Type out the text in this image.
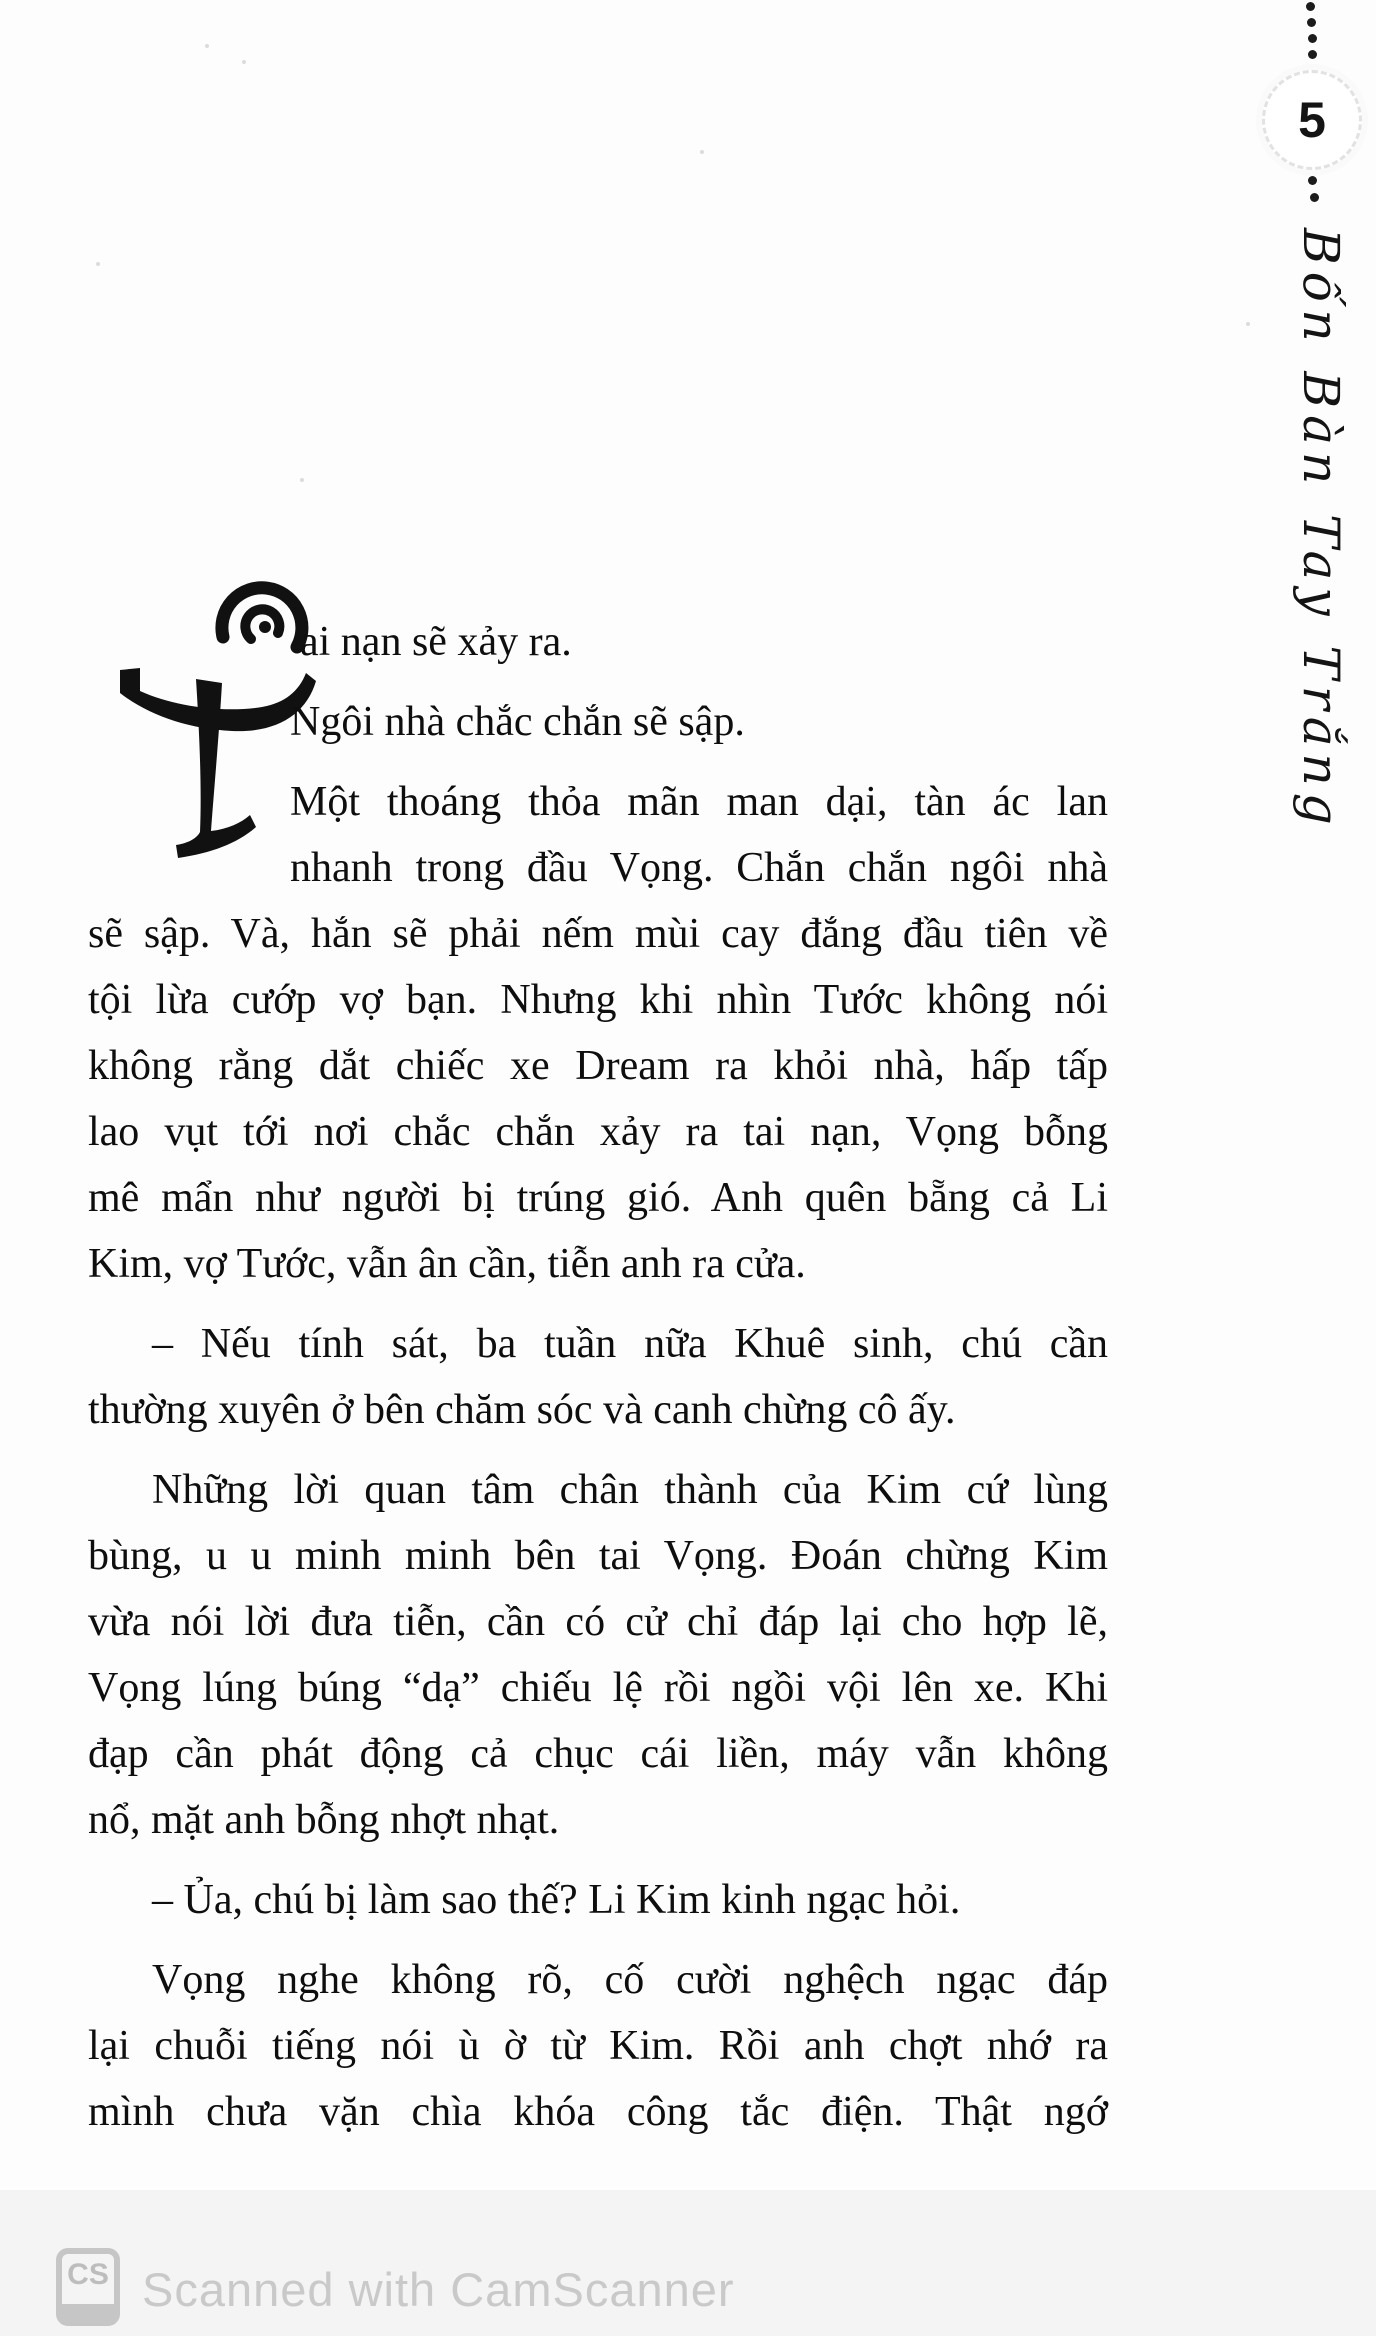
5
Bốn Bàn Tay Trắng
ai nạn sẽ xảy ra.
Ngôi nhà chắc chắn sẽ sập.
Một thoáng thỏa mãn man dại, tàn ác lan
nhanh trong đầu Vọng. Chắn chắn ngôi nhà
sẽ sập. Và, hắn sẽ phải nếm mùi cay đắng đầu tiên về
tội lừa cướp vợ bạn. Nhưng khi nhìn Tước không nói
không rằng dắt chiếc xe Dream ra khỏi nhà, hấp tấp
lao vụt tới nơi chắc chắn xảy ra tai nạn, Vọng bỗng
mê mẩn như người bị trúng gió. Anh quên bẵng cả Li
Kim, vợ Tước, vẫn ân cần, tiễn anh ra cửa.
– Nếu tính sát, ba tuần nữa Khuê sinh, chú cần
thường xuyên ở bên chăm sóc và canh chừng cô ấy.
Những lời quan tâm chân thành của Kim cứ lùng
bùng, u u minh minh bên tai Vọng. Đoán chừng Kim
vừa nói lời đưa tiễn, cần có cử chỉ đáp lại cho hợp lẽ,
Vọng lúng búng “dạ” chiếu lệ rồi ngồi vội lên xe. Khi
đạp cần phát động cả chục cái liền, máy vẫn không
nổ, mặt anh bỗng nhợt nhạt.
– Ủa, chú bị làm sao thế? Li Kim kinh ngạc hỏi.
Vọng nghe không rõ, cố cười nghệch ngạc đáp
lại chuỗi tiếng nói ù ờ từ Kim. Rồi anh chợt nhớ ra
mình chưa vặn chìa khóa công tắc điện. Thật ngớ
CS Scanned with CamScanner
